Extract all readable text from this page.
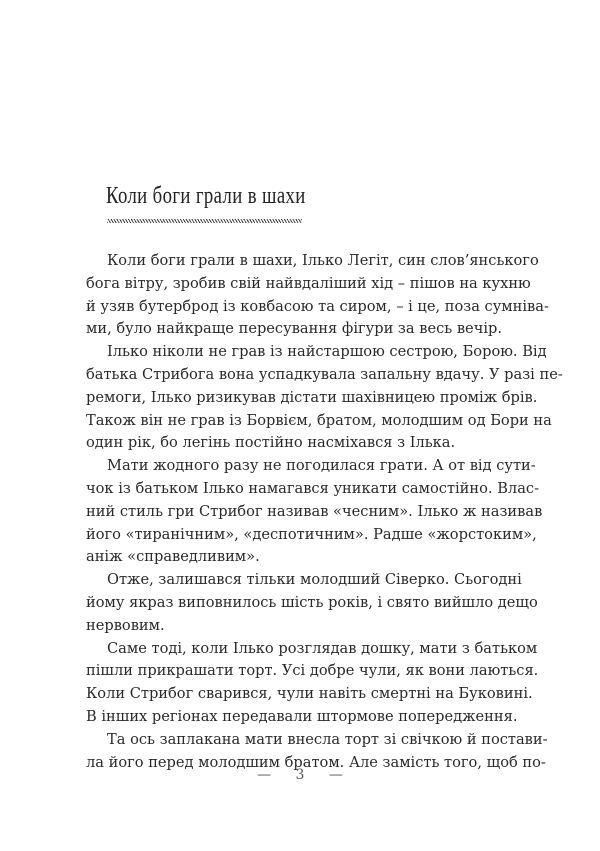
Коли боги грали в шахи
Коли боги грали в шахи, Ілько Легіт, син слов’янського
бога вітру, зробив свій найвдаліший хід – пішов на кухню
й узяв бутерброд із ковбасою та сиром, – і це, поза сумніва-
ми, було найкраще пересування фігури за весь вечір.
Ілько ніколи не грав із найстаршою сестрою, Борою. Від
батька Стрибога вона успадкувала запальну вдачу. У разі пе-
ремоги, Ілько ризикував дістати шахівницею проміж брів.
Також він не грав із Борвієм, братом, молодшим од Бори на
один рік, бо легінь постійно насміхався з Ілька.
Мати жодного разу не погодилася грати. А от від сути-
чок із батьком Ілько намагався уникати самостійно. Влас-
ний стиль гри Стрибог називав «чесним». Ілько ж називав
його «тиранічним», «деспотичним». Радше «жорстоким»,
аніж «справедливим».
Отже, залишався тільки молодший Сіверко. Сьогодні
йому якраз виповнилось шість років, і свято вийшло дещо
нервовим.
Саме тоді, коли Ілько розглядав дошку, мати з батьком
пішли прикрашати торт. Усі добре чули, як вони лаються.
Коли Стрибог сварився, чули навіть смертні на Буковині.
В інших регіонах передавали штормове попередження.
Та ось заплакана мати внесла торт зі свічкою й постави-
ла його перед молодшим братом. Але замість того, щоб по-
— 3 —
